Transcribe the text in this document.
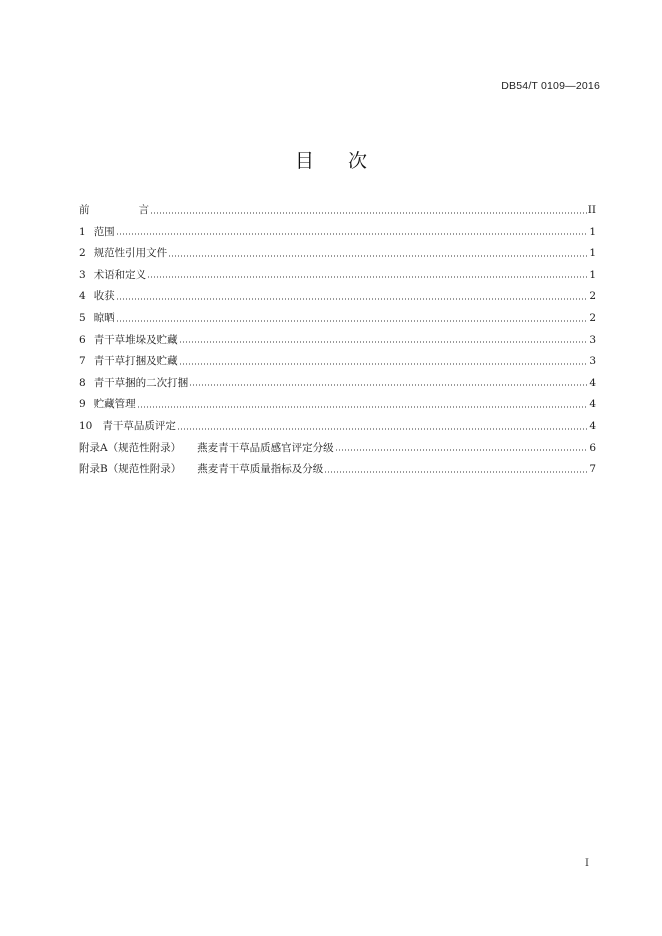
DB54/T 0109—2016
目 次
前　　　　言	II
1 范围	1
2 规范性引用文件	1
3 术语和定义	1
4 收获	2
5 晾晒	2
6 青干草堆垛及贮藏	3
7 青干草打捆及贮藏	3
8 青干草捆的二次打捆	4
9 贮藏管理	4
10 青干草品质评定	4
附录A（规范性附录） 燕麦青干草品质感官评定分级	6
附录B（规范性附录） 燕麦青干草质量指标及分级	7
I
